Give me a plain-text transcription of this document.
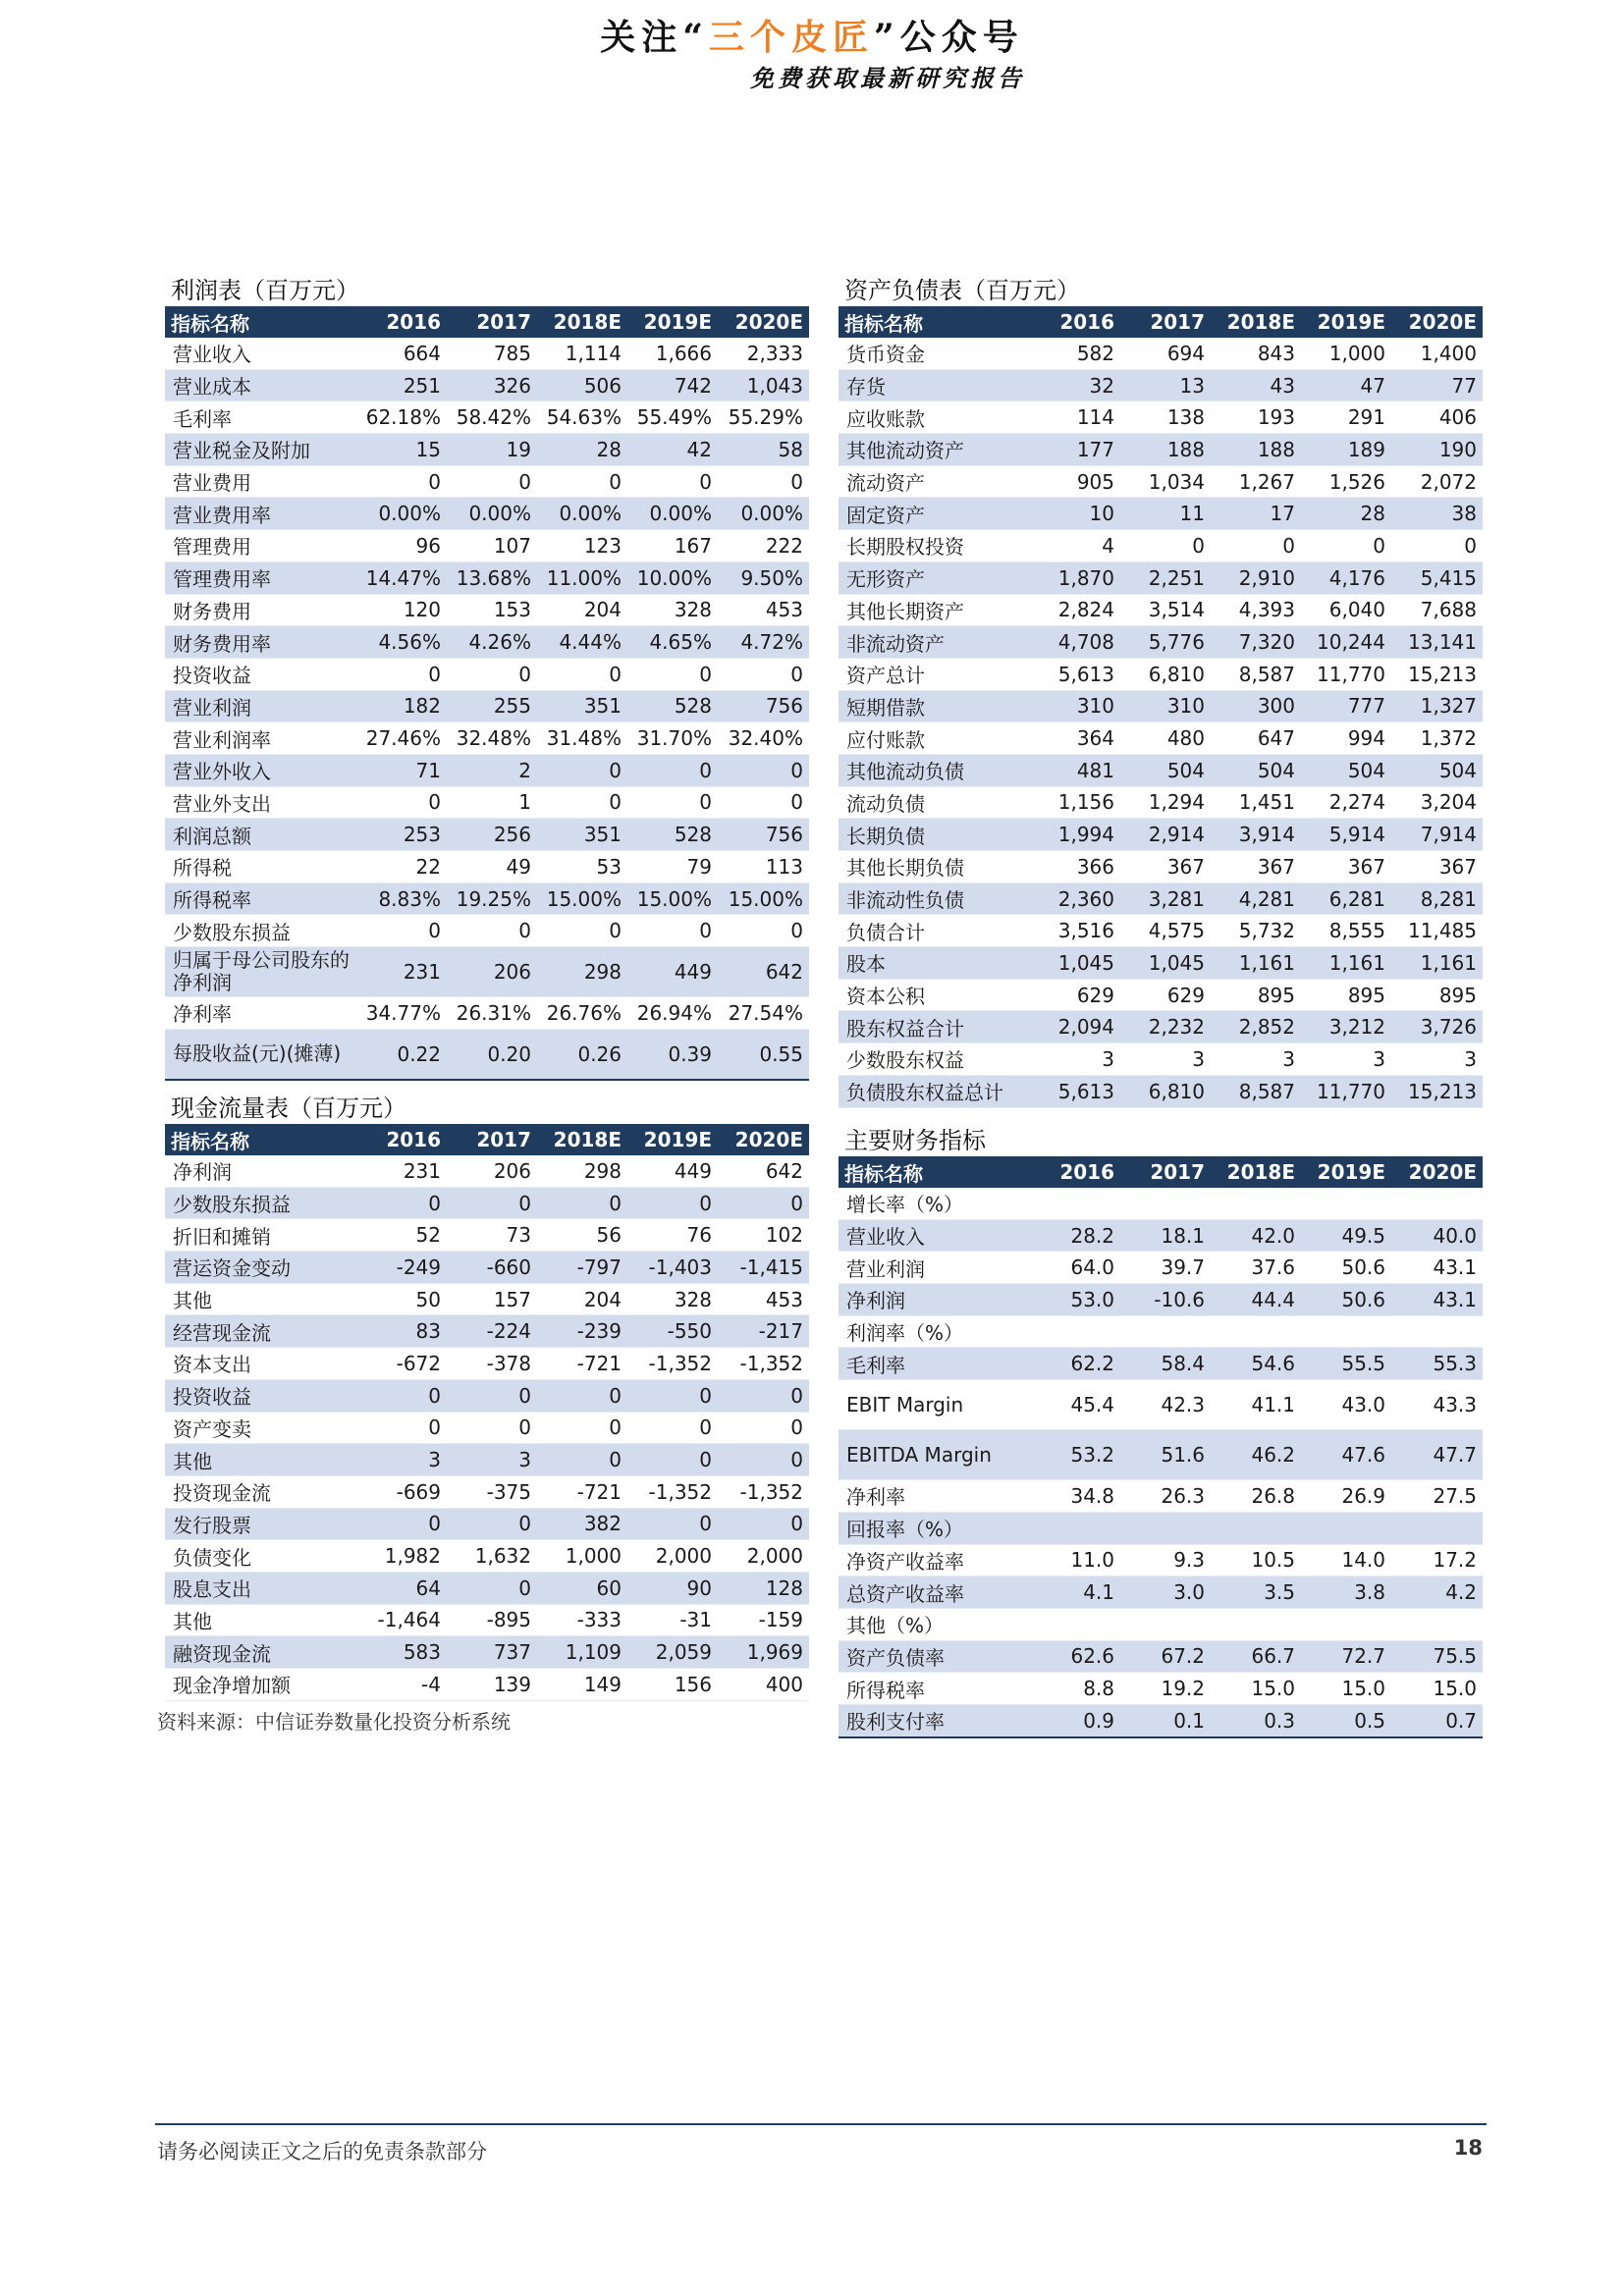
关注“三个皮匠”公众号
免费获取最新研究报告
利润表（百万元）
指标名称	2016	2017	2018E	2019E	2020E
营业收入	664	785	1,114	1,666	2,333
营业成本	251	326	506	742	1,043
毛利率	62.18%	58.42%	54.63%	55.49%	55.29%
营业税金及附加	15	19	28	42	58
营业费用	0	0	0	0	0
营业费用率	0.00%	0.00%	0.00%	0.00%	0.00%
管理费用	96	107	123	167	222
管理费用率	14.47%	13.68%	11.00%	10.00%	9.50%
财务费用	120	153	204	328	453
财务费用率	4.56%	4.26%	4.44%	4.65%	4.72%
投资收益	0	0	0	0	0
营业利润	182	255	351	528	756
营业利润率	27.46%	32.48%	31.48%	31.70%	32.40%
营业外收入	71	2	0	0	0
营业外支出	0	1	0	0	0
利润总额	253	256	351	528	756
所得税	22	49	53	79	113
所得税率	8.83%	19.25%	15.00%	15.00%	15.00%
少数股东损益	0	0	0	0	0
归属于母公司股东的净利润	231	206	298	449	642
净利率	34.77%	26.31%	26.76%	26.94%	27.54%
每股收益(元)(摊薄)	0.22	0.20	0.26	0.39	0.55
资产负债表（百万元）
指标名称	2016	2017	2018E	2019E	2020E
货币资金	582	694	843	1,000	1,400
存货	32	13	43	47	77
应收账款	114	138	193	291	406
其他流动资产	177	188	188	189	190
流动资产	905	1,034	1,267	1,526	2,072
固定资产	10	11	17	28	38
长期股权投资	4	0	0	0	0
无形资产	1,870	2,251	2,910	4,176	5,415
其他长期资产	2,824	3,514	4,393	6,040	7,688
非流动资产	4,708	5,776	7,320	10,244	13,141
资产总计	5,613	6,810	8,587	11,770	15,213
短期借款	310	310	300	777	1,327
应付账款	364	480	647	994	1,372
其他流动负债	481	504	504	504	504
流动负债	1,156	1,294	1,451	2,274	3,204
长期负债	1,994	2,914	3,914	5,914	7,914
其他长期负债	366	367	367	367	367
非流动性负债	2,360	3,281	4,281	6,281	8,281
负债合计	3,516	4,575	5,732	8,555	11,485
股本	1,045	1,045	1,161	1,161	1,161
资本公积	629	629	895	895	895
股东权益合计	2,094	2,232	2,852	3,212	3,726
少数股东权益	3	3	3	3	3
负债股东权益总计	5,613	6,810	8,587	11,770	15,213
现金流量表（百万元）
指标名称	2016	2017	2018E	2019E	2020E
净利润	231	206	298	449	642
少数股东损益	0	0	0	0	0
折旧和摊销	52	73	56	76	102
营运资金变动	-249	-660	-797	-1,403	-1,415
其他	50	157	204	328	453
经营现金流	83	-224	-239	-550	-217
资本支出	-672	-378	-721	-1,352	-1,352
投资收益	0	0	0	0	0
资产变卖	0	0	0	0	0
其他	3	3	0	0	0
投资现金流	-669	-375	-721	-1,352	-1,352
发行股票	0	0	382	0	0
负债变化	1,982	1,632	1,000	2,000	2,000
股息支出	64	0	60	90	128
其他	-1,464	-895	-333	-31	-159
融资现金流	583	737	1,109	2,059	1,969
现金净增加额	-4	139	149	156	400
主要财务指标
指标名称	2016	2017	2018E	2019E	2020E
增长率（%）					
营业收入	28.2	18.1	42.0	49.5	40.0
营业利润	64.0	39.7	37.6	50.6	43.1
净利润	53.0	-10.6	44.4	50.6	43.1
利润率（%）					
毛利率	62.2	58.4	54.6	55.5	55.3
EBIT Margin	45.4	42.3	41.1	43.0	43.3
EBITDA Margin	53.2	51.6	46.2	47.6	47.7
净利率	34.8	26.3	26.8	26.9	27.5
回报率（%）					
净资产收益率	11.0	9.3	10.5	14.0	17.2
总资产收益率	4.1	3.0	3.5	3.8	4.2
其他（%）					
资产负债率	62.6	67.2	66.7	72.7	75.5
所得税率	8.8	19.2	15.0	15.0	15.0
股利支付率	0.9	0.1	0.3	0.5	0.7
资料来源：中信证券数量化投资分析系统
请务必阅读正文之后的免责条款部分	18
